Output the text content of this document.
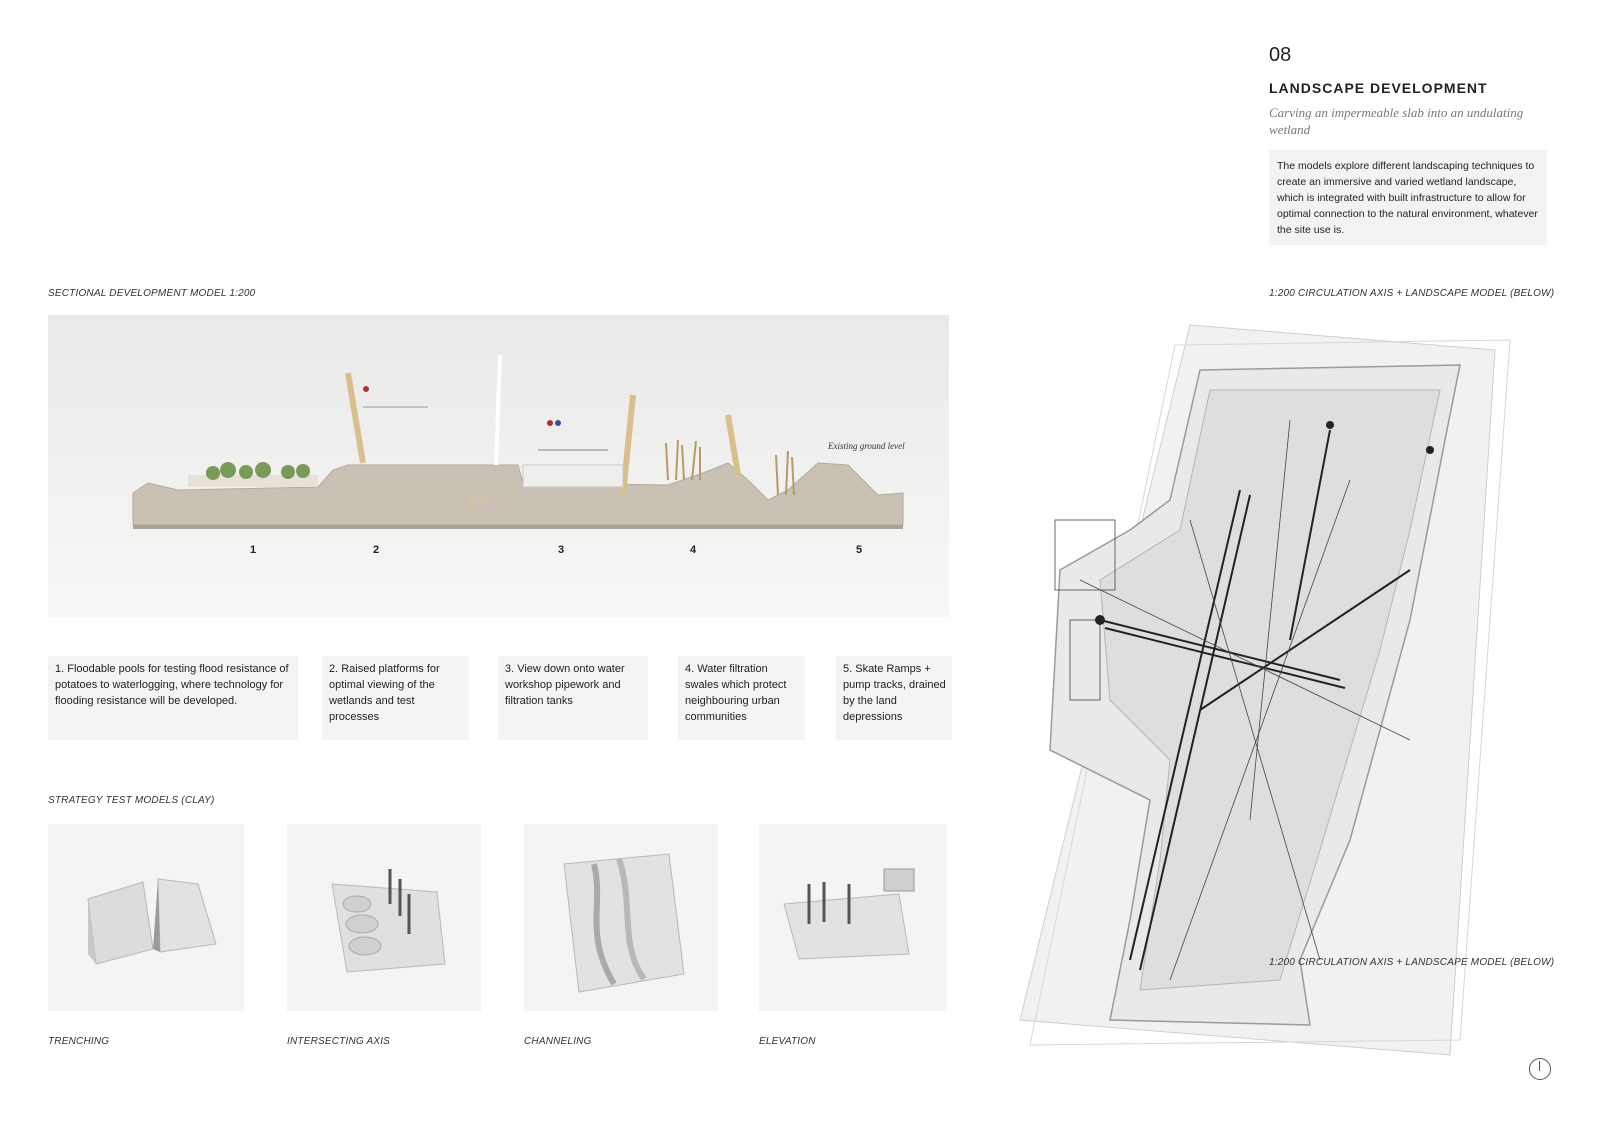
08
LANDSCAPE DEVELOPMENT
Carving an impermeable slab into an undulating wetland
The models explore different landscaping techniques to create an immersive and varied wetland landscape, which is integrated with built infrastructure to allow for optimal connection to the natural environment, whatever the site use is.
SECTIONAL DEVELOPMENT MODEL 1:200
Existing ground level
1	2	3	4	5
1. Floodable pools for testing flood resistance of potatoes to waterlogging, where technology for flooding resistance will be developed.
2. Raised platforms for optimal viewing of the wetlands and test processes
3. View down onto water workshop pipework and filtration tanks
4. Water filtration swales which protect neighbouring urban communities
5. Skate Ramps + pump tracks, drained by the land depressions
STRATEGY TEST MODELS (CLAY)
TRENCHING	INTERSECTING AXIS	CHANNELING	ELEVATION
1:200 CIRCULATION AXIS + LANDSCAPE MODEL (BELOW)
1:200 CIRCULATION AXIS + LANDSCAPE MODEL (BELOW)
